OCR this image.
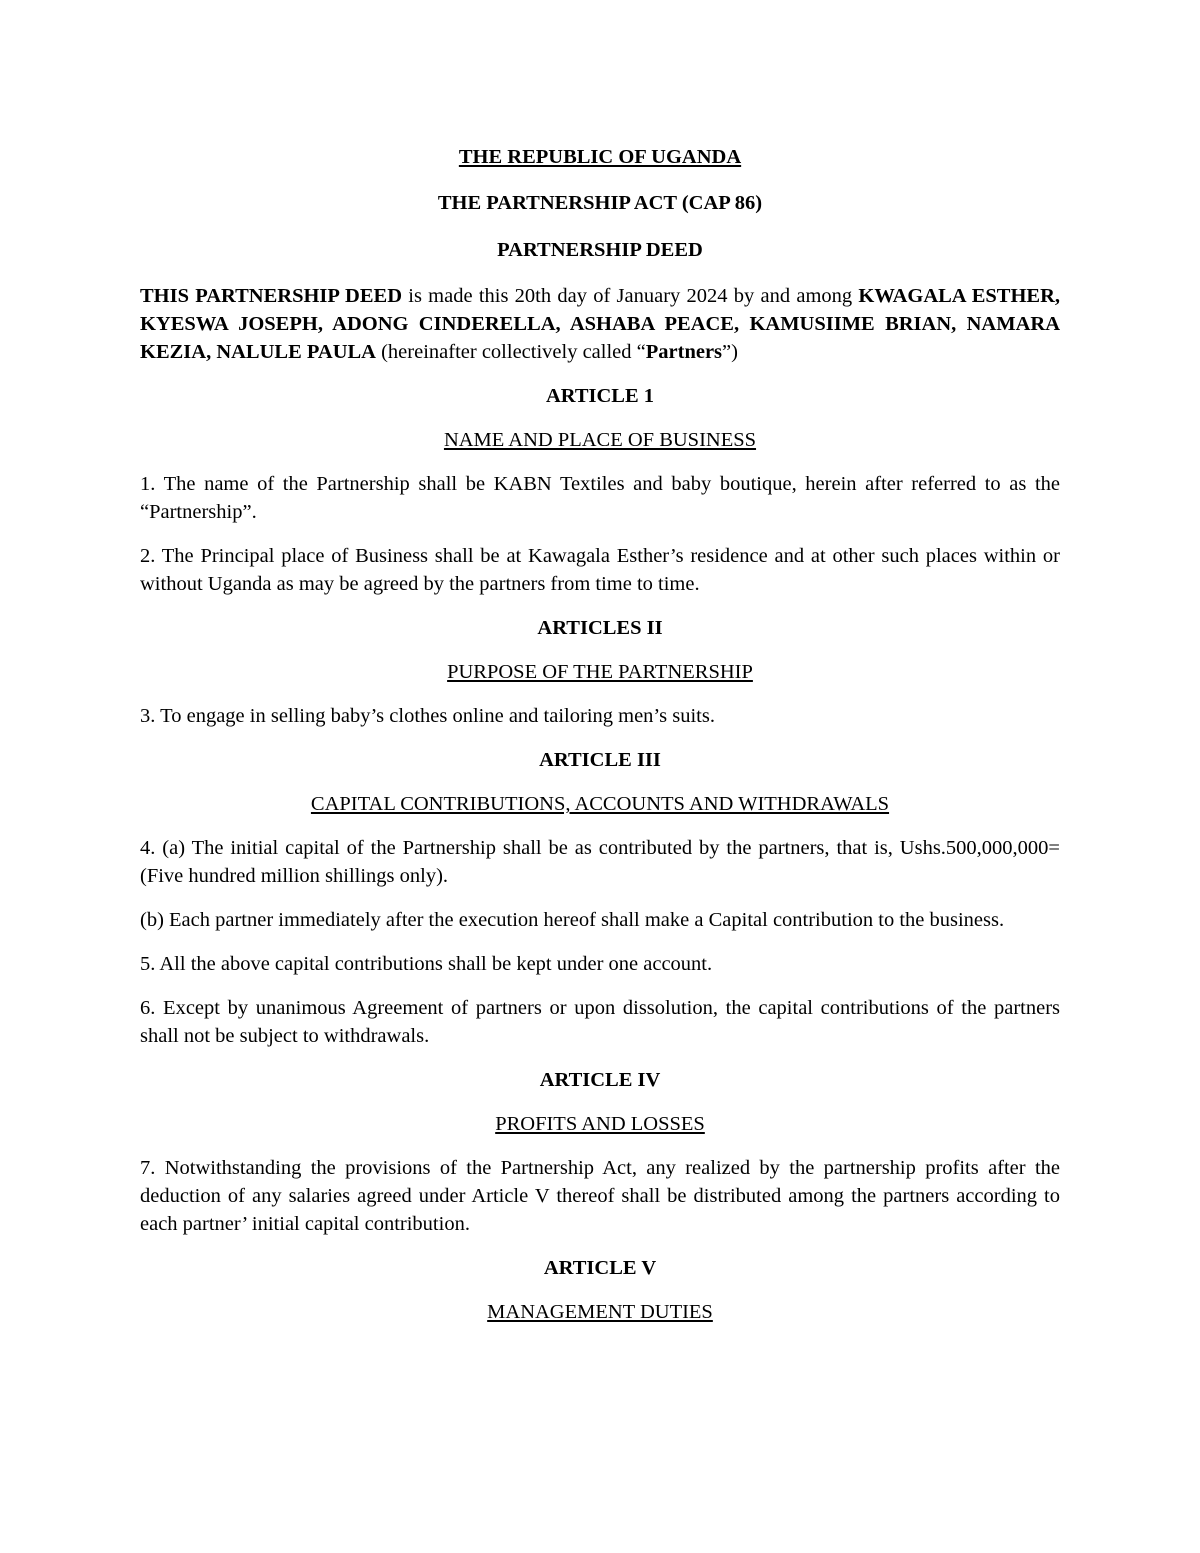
THE REPUBLIC OF UGANDA

THE PARTNERSHIP ACT (CAP 86)

PARTNERSHIP DEED

THIS PARTNERSHIP DEED is made this 20th day of January 2024 by and among KWAGALA ESTHER, KYESWA JOSEPH, ADONG CINDERELLA, ASHABA PEACE, KAMUSIIME BRIAN, NAMARA KEZIA, NALULE PAULA (hereinafter collectively called “Partners”)

ARTICLE 1

NAME AND PLACE OF BUSINESS

1. The name of the Partnership shall be KABN Textiles and baby boutique, herein after referred to as the “Partnership”.

2. The Principal place of Business shall be at Kawagala Esther’s residence and at other such places within or without Uganda as may be agreed by the partners from time to time.

ARTICLES II

PURPOSE OF THE PARTNERSHIP

3. To engage in selling baby’s clothes online and tailoring men’s suits.

ARTICLE III

CAPITAL CONTRIBUTIONS, ACCOUNTS AND WITHDRAWALS

4. (a) The initial capital of the Partnership shall be as contributed by the partners, that is, Ushs.500,000,000= (Five hundred million shillings only).

(b) Each partner immediately after the execution hereof shall make a Capital contribution to the business.

5. All the above capital contributions shall be kept under one account.

6. Except by unanimous Agreement of partners or upon dissolution, the capital contributions of the partners shall not be subject to withdrawals.

ARTICLE IV

PROFITS AND LOSSES

7. Notwithstanding the provisions of the Partnership Act, any realized by the partnership profits after the deduction of any salaries agreed under Article V thereof shall be distributed among the partners according to each partner’ initial capital contribution.

ARTICLE V

MANAGEMENT DUTIES
